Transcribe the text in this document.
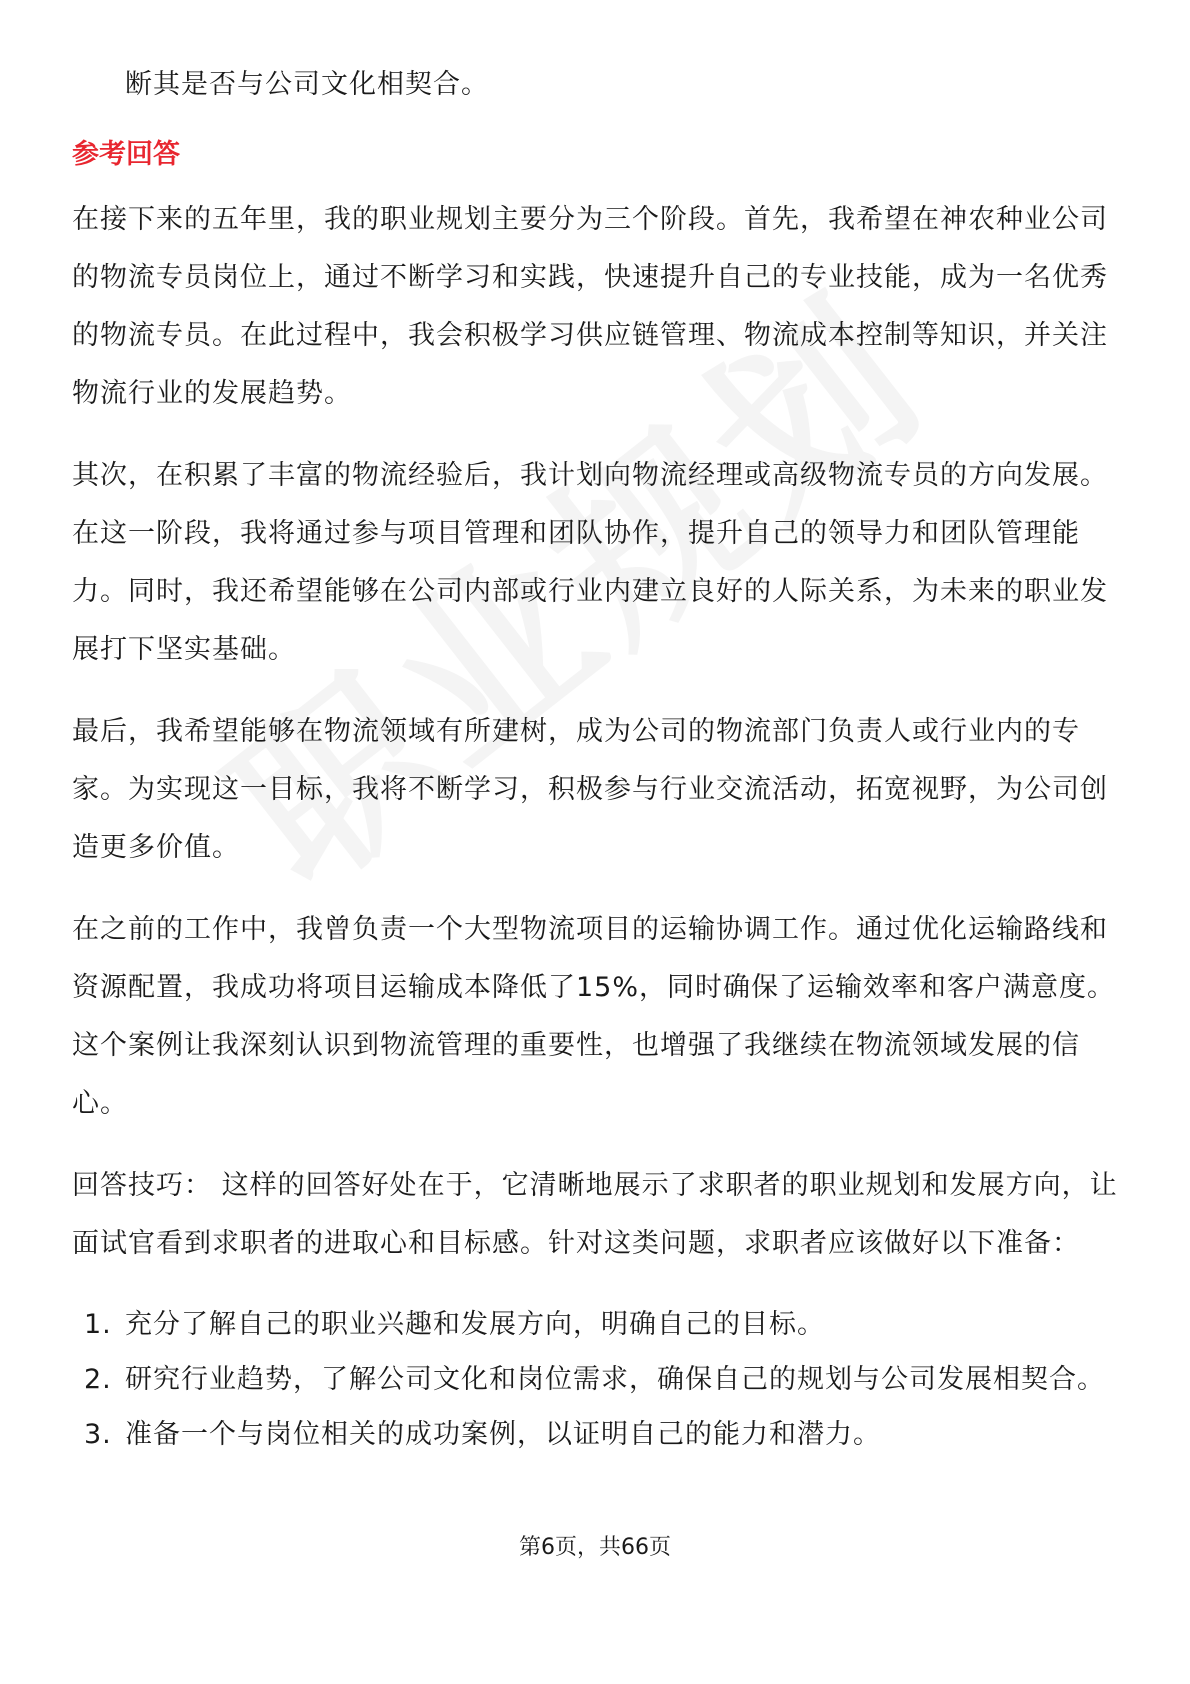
断其是否与公司文化相契合。

参考回答

在接下来的五年里，我的职业规划主要分为三个阶段。首先，我希望在神农种业公司的物流专员岗位上，通过不断学习和实践，快速提升自己的专业技能，成为一名优秀的物流专员。在此过程中，我会积极学习供应链管理、物流成本控制等知识，并关注物流行业的发展趋势。

其次，在积累了丰富的物流经验后，我计划向物流经理或高级物流专员的方向发展。在这一阶段，我将通过参与项目管理和团队协作，提升自己的领导力和团队管理能力。同时，我还希望能够在公司内部或行业内建立良好的人际关系，为未来的职业发展打下坚实基础。

最后，我希望能够在物流领域有所建树，成为公司的物流部门负责人或行业内的专家。为实现这一目标，我将不断学习，积极参与行业交流活动，拓宽视野，为公司创造更多价值。

在之前的工作中，我曾负责一个大型物流项目的运输协调工作。通过优化运输路线和资源配置，我成功将项目运输成本降低了15%，同时确保了运输效率和客户满意度。这个案例让我深刻认识到物流管理的重要性，也增强了我继续在物流领域发展的信心。

回答技巧： 这样的回答好处在于，它清晰地展示了求职者的职业规划和发展方向，让面试官看到求职者的进取心和目标感。针对这类问题，求职者应该做好以下准备：

1. 充分了解自己的职业兴趣和发展方向，明确自己的目标。
2. 研究行业趋势，了解公司文化和岗位需求，确保自己的规划与公司发展相契合。
3. 准备一个与岗位相关的成功案例，以证明自己的能力和潜力。
第6页，共66页
